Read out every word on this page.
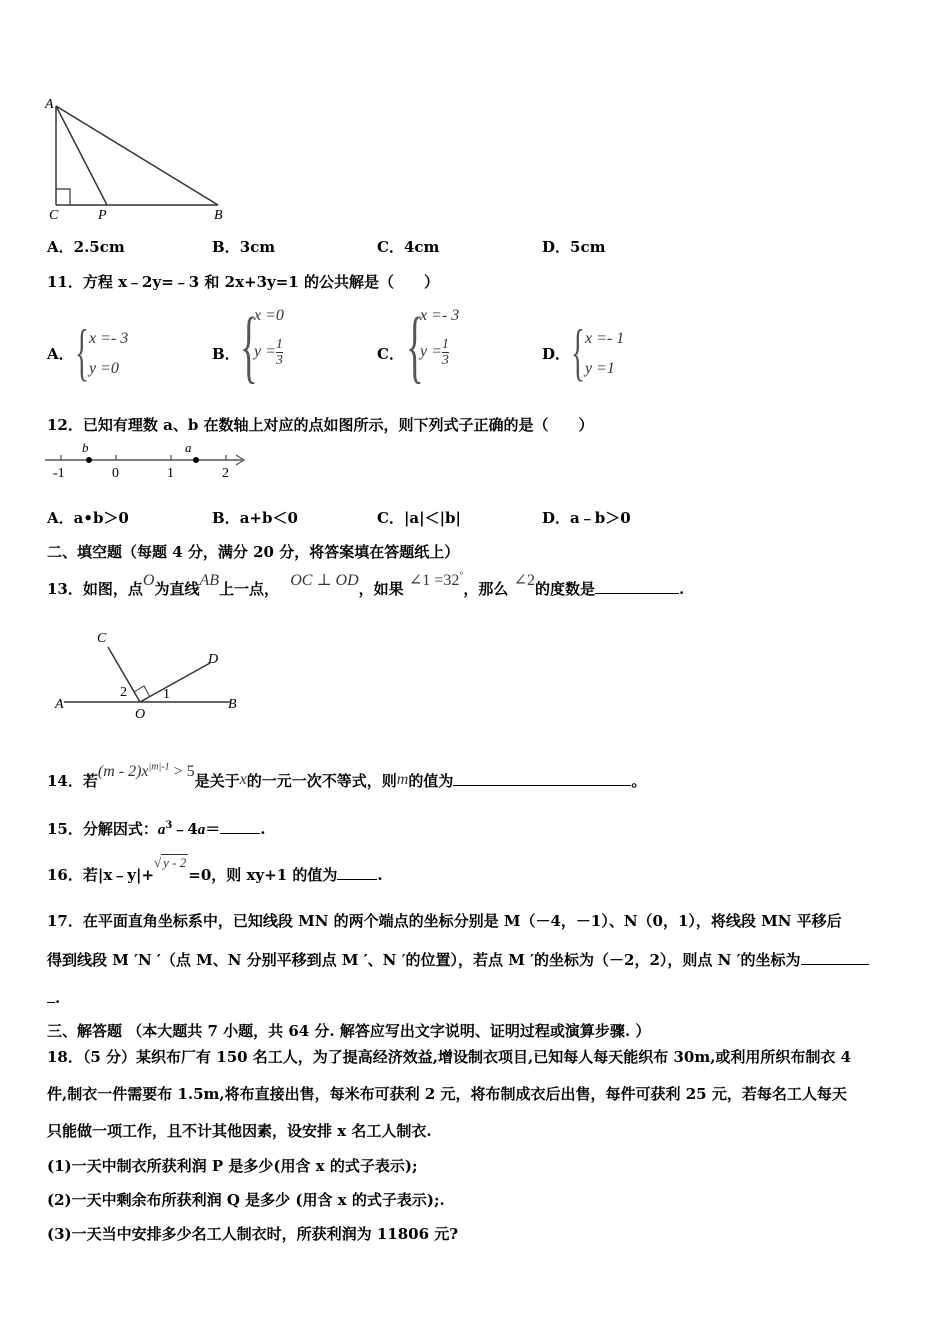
A
C	P	B
A．2.5cm	B．3cm	C．4cm	D．5cm
11．方程 x﹣2y=﹣3 和 2x+3y=1 的公共解是（　　）
A． { x =- 3
y =0
B． {
x =0
$y = \frac{1}{3}$	C． {
x =- 3
$y = \frac{1}{3}$	D． { x =- 1
y =1
12．已知有理数 a、b 在数轴上对应的点如图所示，则下列式子正确的是（　　）
b	a
-1	0	1	2
A．a•b＞0	B．a+b＜0	C．|a|＜|b|	D．a﹣b＞0
二、填空题（每题 4 分，满分 20 分，将答案填在答题纸上）
13．如图，点O为直线AB上一点， OC ⊥ OD，如果 ∠1 =32°，那么 ∠2的度数是	.
C
D
A	B
O
2	1
14．若$(m - 2)x^{|m|-1} > 5$是关于x的一元一次不等式，则m的值为	。
15．分解因式：$a^3﹣4a=$	.
16．若|x﹣y|+√ y - 2=0，则 xy+1 的值为	.
17．在平面直角坐标系中，已知线段 MN 的两个端点的坐标分别是 M（－4，－1）、N（0，1），将线段 MN 平移后
得到线段 M ′N ′（点 M、N 分别平移到点 M ′、N ′的位置），若点 M ′的坐标为（－2，2），则点 N ′的坐标为
.
三、解答题 （本大题共 7 小题，共 64 分. 解答应写出文字说明、证明过程或演算步骤. ）
18．（5 分）某织布厂有 150 名工人，为了提高经济效益,增设制衣项目,已知每人每天能织布 30m,或利用所织布制衣 4
件,制衣一件需要布 1.5m,将布直接出售，每米布可获利 2 元，将布制成衣后出售，每件可获利 25 元，若每名工人每天
只能做一项工作，且不计其他因素，设安排 x 名工人制衣.
(1)一天中制衣所获利润 P 是多少(用含 x 的式子表示);
(2)一天中剩余布所获利润 Q 是多少 (用含 x 的式子表示);.
(3)一天当中安排多少名工人制衣时，所获利润为 11806 元?
